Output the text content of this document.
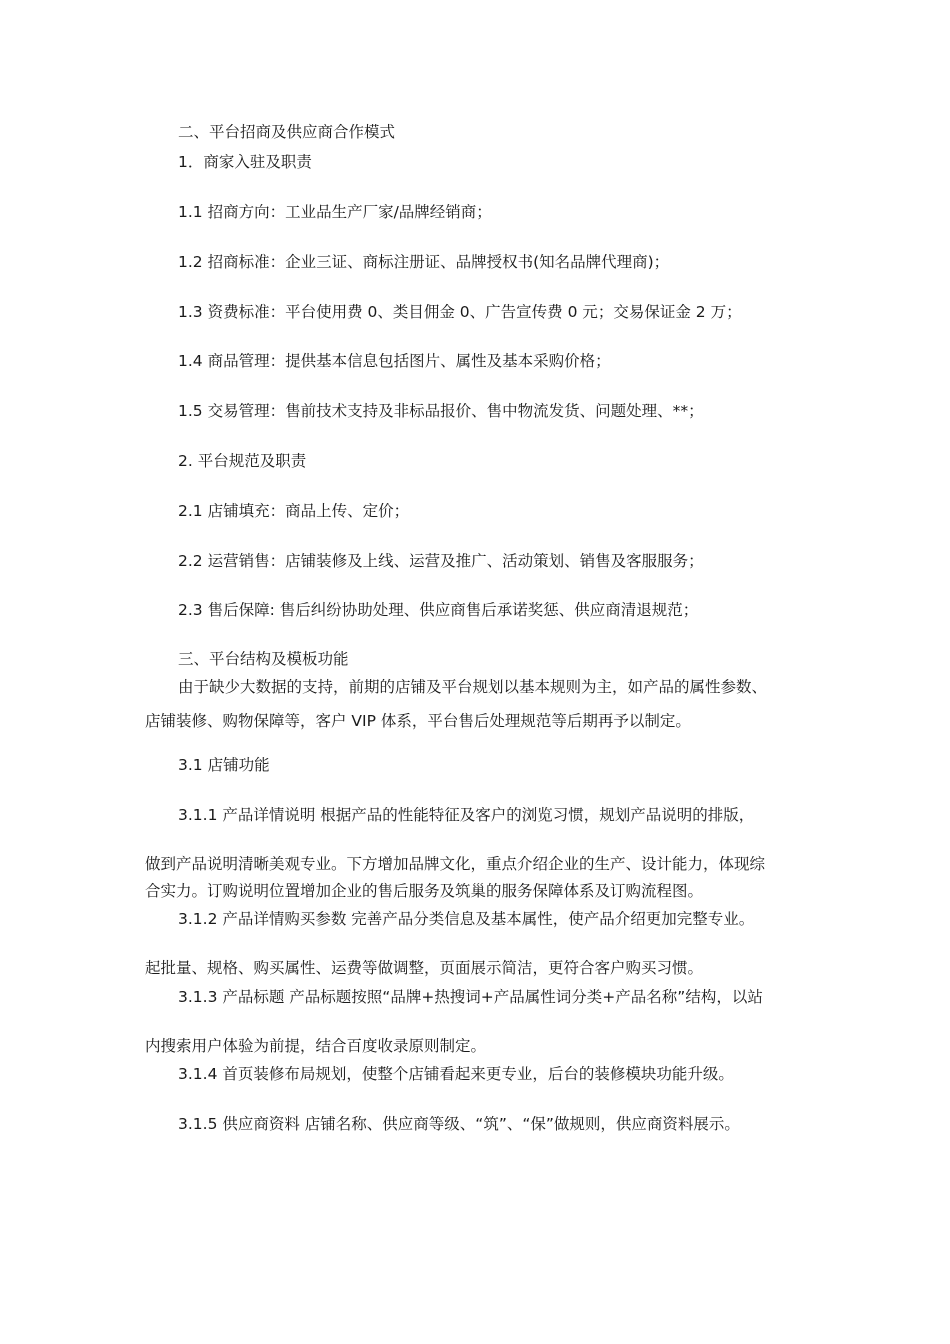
二、平台招商及供应商合作模式

1．商家入驻及职责

1.1 招商方向：工业品生产厂家/品牌经销商；

1.2 招商标准：企业三证、商标注册证、品牌授权书(知名品牌代理商)；

1.3 资费标准：平台使用费 0、类目佣金 0、广告宣传费 0 元；交易保证金 2 万；

1.4 商品管理：提供基本信息包括图片、属性及基本采购价格；

1.5 交易管理：售前技术支持及非标品报价、售中物流发货、问题处理、**；

2. 平台规范及职责

2.1 店铺填充：商品上传、定价；

2.2 运营销售：店铺装修及上线、运营及推广、活动策划、销售及客服服务；

2.3 售后保障: 售后纠纷协助处理、供应商售后承诺奖惩、供应商清退规范；

三、平台结构及模板功能

由于缺少大数据的支持，前期的店铺及平台规划以基本规则为主，如产品的属性参数、

店铺装修、购物保障等，客户 VIP 体系，平台售后处理规范等后期再予以制定。

3.1 店铺功能

3.1.1 产品详情说明 根据产品的性能特征及客户的浏览习惯，规划产品说明的排版，

做到产品说明清晰美观专业。下方增加品牌文化，重点介绍企业的生产、设计能力，体现综

合实力。订购说明位置增加企业的售后服务及筑巢的服务保障体系及订购流程图。

3.1.2 产品详情购买参数 完善产品分类信息及基本属性，使产品介绍更加完整专业。

起批量、规格、购买属性、运费等做调整，页面展示简洁，更符合客户购买习惯。

3.1.3 产品标题 产品标题按照“品牌+热搜词+产品属性词分类+产品名称”结构，以站

内搜索用户体验为前提，结合百度收录原则制定。

3.1.4 首页装修布局规划，使整个店铺看起来更专业，后台的装修模块功能升级。

3.1.5 供应商资料 店铺名称、供应商等级、“筑”、“保”做规则，供应商资料展示。
